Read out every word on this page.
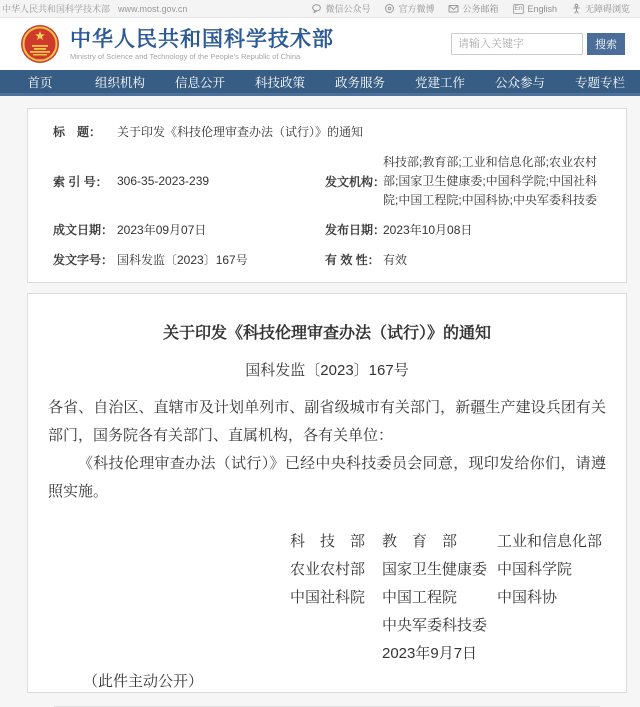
中华人民共和国科学技术部 www.most.gov.cn	微信公众号	官方微博	公务邮箱	En English	无障碍浏览
中华人民共和国科学技术部
Ministry of Science and Technology of the People's Republic of China
请输入关键字
搜索
首页	组织机构	信息公开	科技政策	政务服务	党建工作	公众参与	专题专栏
标　题：	关于印发《科技伦理审查办法（试行）》的通知
索 引 号： 306-35-2023-239	发文机构：
科技部;教育部;工业和信息化部;农业农村部;国家卫生健康委;中国科学院;中国社科院;中国工程院;中国科协;中央军委科技委
成文日期： 2023年09月07日	发布日期：
2023年10月08日
发文字号： 国科发监〔2023〕167号	有 效 性： 有效
关于印发《科技伦理审查办法（试行）》的通知
国科发监〔2023〕167号

各省、自治区、直辖市及计划单列市、副省级城市有关部门，新疆生产建设兵团有关部门，国务院各有关部门、直属机构，各有关单位：

《科技伦理审查办法（试行）》已经中央科技委员会同意，现印发给你们，请遵照实施。

科　技　部	教　育　部	工业和信息化部
农业农村部	国家卫生健康委 中国科学院
中国社科院	中国工程院	中国科协
中央军委科技委
2023年9月7日
（此件主动公开）
